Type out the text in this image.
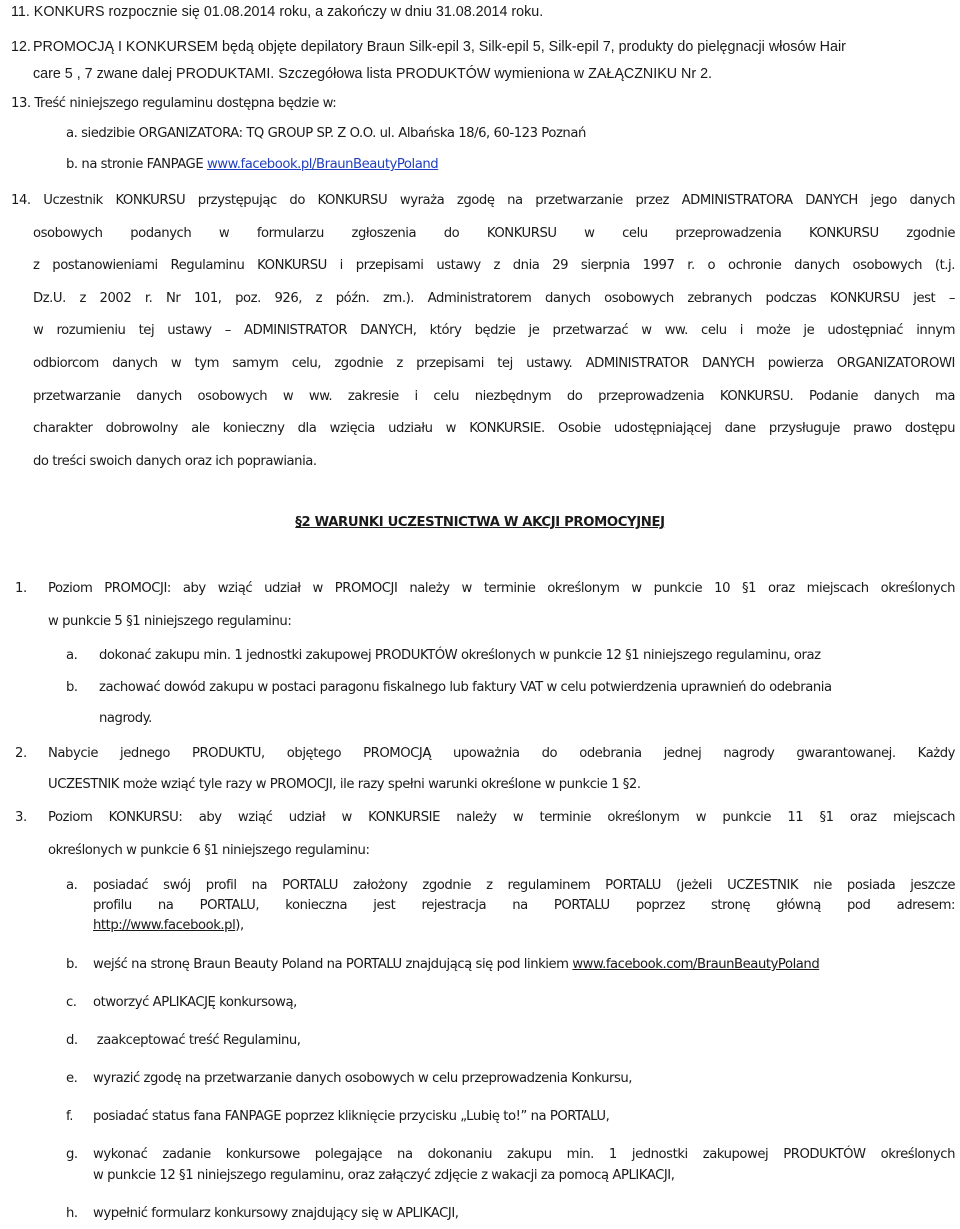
11. KONKURS rozpocznie się 01.08.2014 roku, a zakończy w dniu 31.08.2014 roku.
12. PROMOCJĄ I KONKURSEM będą objęte depilatory Braun Silk-epil 3, Silk-epil 5, Silk-epil 7, produkty do pielęgnacji włosów Hair
care 5 , 7 zwane dalej PRODUKTAMI. Szczegółowa lista PRODUKTÓW wymieniona w ZAŁĄCZNIKU Nr 2.
13. Treść niniejszego regulaminu dostępna będzie w:
a. siedzibie ORGANIZATORA: TQ GROUP SP. Z O.O. ul. Albańska 18/6, 60-123 Poznań
b. na stronie FANPAGE www.facebook.pl/BraunBeautyPoland
14. Uczestnik KONKURSU przystępując do KONKURSU wyraża zgodę na przetwarzanie przez ADMINISTRATORA DANYCH jego danych
osobowych podanych w formularzu zgłoszenia do KONKURSU w celu przeprowadzenia KONKURSU zgodnie
z postanowieniami Regulaminu KONKURSU i przepisami ustawy z dnia 29 sierpnia 1997 r. o ochronie danych osobowych (t.j.
Dz.U. z 2002 r. Nr 101, poz. 926, z późn. zm.). Administratorem danych osobowych zebranych podczas KONKURSU jest –
w rozumieniu tej ustawy – ADMINISTRATOR DANYCH, który będzie je przetwarzać w ww. celu i może je udostępniać innym
odbiorcom danych w tym samym celu, zgodnie z przepisami tej ustawy. ADMINISTRATOR DANYCH powierza ORGANIZATOROWI
przetwarzanie danych osobowych w ww. zakresie i celu niezbędnym do przeprowadzenia KONKURSU. Podanie danych ma
charakter dobrowolny ale konieczny dla wzięcia udziału w KONKURSIE. Osobie udostępniającej dane przysługuje prawo dostępu
do treści swoich danych oraz ich poprawiania.
§2 WARUNKI UCZESTNICTWA W AKCJI PROMOCYJNEJ
1. Poziom PROMOCJI: aby wziąć udział w PROMOCJI należy w terminie określonym w punkcie 10 §1 oraz miejscach określonych
w punkcie 5 §1 niniejszego regulaminu:
a. dokonać zakupu min. 1 jednostki zakupowej PRODUKTÓW określonych w punkcie 12 §1 niniejszego regulaminu, oraz
b. zachować dowód zakupu w postaci paragonu fiskalnego lub faktury VAT w celu potwierdzenia uprawnień do odebrania
nagrody.
2. Nabycie jednego PRODUKTU, objętego PROMOCJĄ upoważnia do odebrania jednej nagrody gwarantowanej. Każdy
UCZESTNIK może wziąć tyle razy w PROMOCJI, ile razy spełni warunki określone w punkcie 1 §2.
3. Poziom KONKURSU: aby wziąć udział w KONKURSIE należy w terminie określonym w punkcie 11 §1 oraz miejscach
określonych w punkcie 6 §1 niniejszego regulaminu:
a. posiadać swój profil na PORTALU założony zgodnie z regulaminem PORTALU (jeżeli UCZESTNIK nie posiada jeszcze
profilu na PORTALU, konieczna jest rejestracja na PORTALU poprzez stronę główną pod adresem:
http://www.facebook.pl),
b. wejść na stronę Braun Beauty Poland na PORTALU znajdującą się pod linkiem www.facebook.com/BraunBeautyPoland
c. otworzyć APLIKACJĘ konkursową,
d. zaakceptować treść Regulaminu,
e. wyrazić zgodę na przetwarzanie danych osobowych w celu przeprowadzenia Konkursu,
f. posiadać status fana FANPAGE poprzez kliknięcie przycisku „Lubię to!” na PORTALU,
g. wykonać zadanie konkursowe polegające na dokonaniu zakupu min. 1 jednostki zakupowej PRODUKTÓW określonych
w punkcie 12 §1 niniejszego regulaminu, oraz załączyć zdjęcie z wakacji za pomocą APLIKACJI,
h. wypełnić formularz konkursowy znajdujący się w APLIKACJI,
